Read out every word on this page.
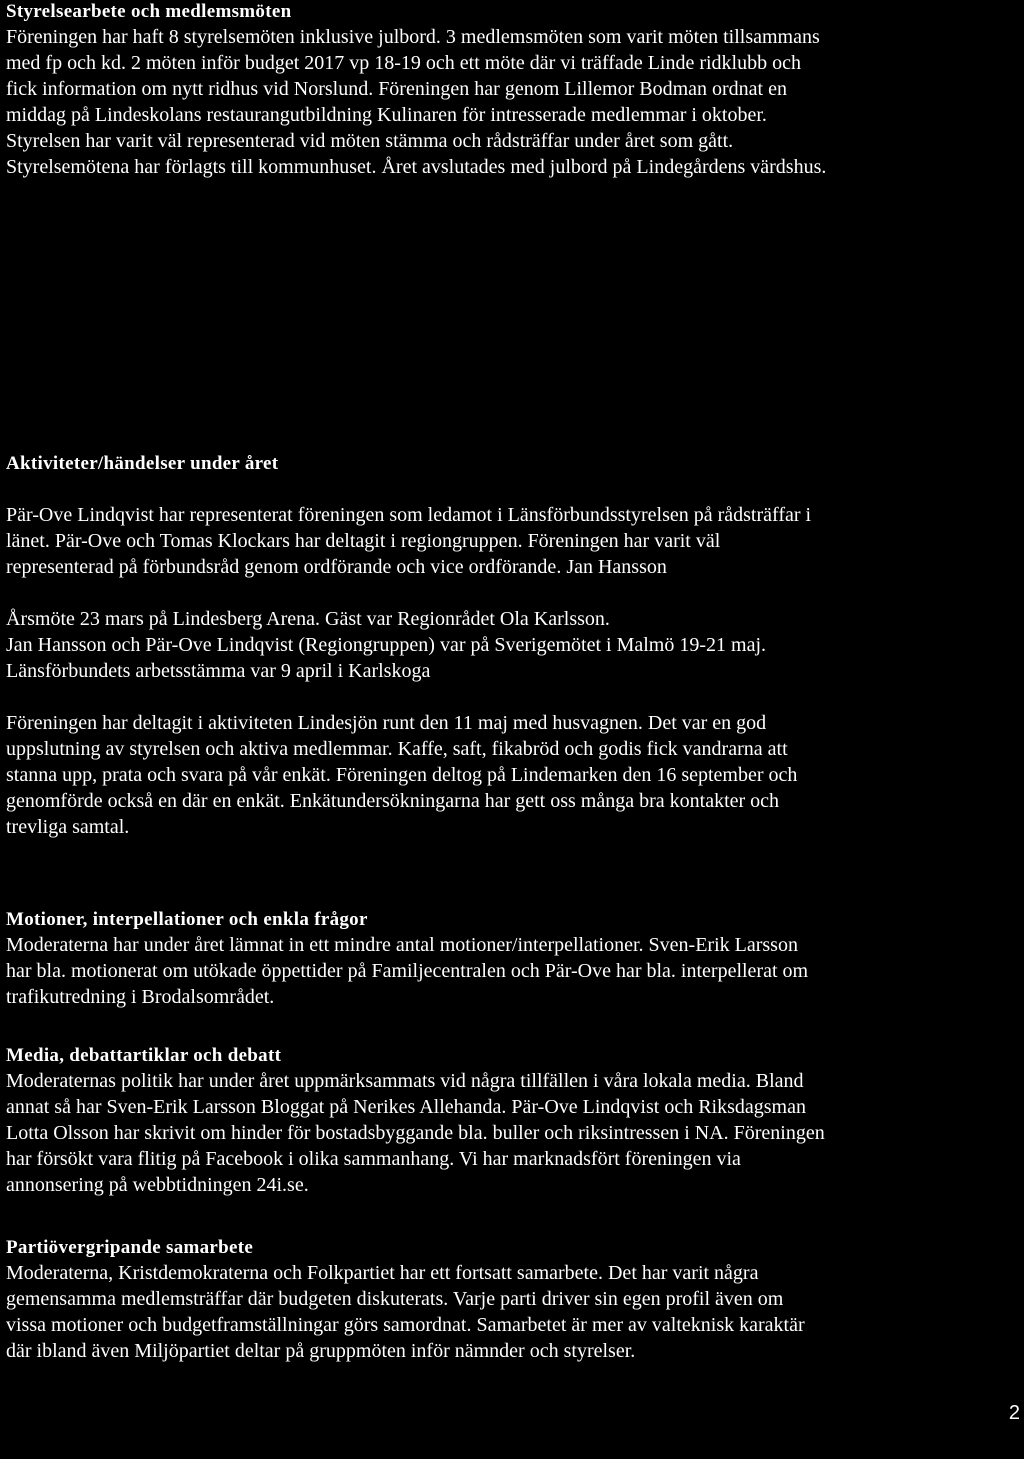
Styrelsearbete och medlemsmöten
Föreningen har haft 8 styrelsemöten inklusive julbord. 3 medlemsmöten som varit möten tillsammans
med fp och kd. 2 möten inför budget 2017 vp 18-19 och ett möte där vi träffade Linde ridklubb och
fick information om nytt ridhus vid Norslund. Föreningen har genom Lillemor Bodman ordnat en
middag på Lindeskolans restaurangutbildning Kulinaren för intresserade medlemmar i oktober.
Styrelsen har varit väl representerad vid möten stämma och rådsträffar under året som gått.
Styrelsemötena har förlagts till kommunhuset. Året avslutades med julbord på Lindegårdens värdshus.
Aktiviteter/händelser under året
Pär-Ove Lindqvist har representerat föreningen som ledamot i Länsförbundsstyrelsen på rådsträffar i
länet. Pär-Ove och Tomas Klockars har deltagit i regiongruppen. Föreningen har varit väl
representerad på förbundsråd genom ordförande och vice ordförande. Jan Hansson
Årsmöte 23 mars på Lindesberg Arena. Gäst var Regionrådet Ola Karlsson.
Jan Hansson och Pär-Ove Lindqvist (Regiongruppen) var på Sverigemötet i Malmö 19-21 maj.
Länsförbundets arbetsstämma var 9 april i Karlskoga
Föreningen har deltagit i aktiviteten Lindesjön runt den 11 maj med husvagnen. Det var en god
uppslutning av styrelsen och aktiva medlemmar. Kaffe, saft, fikabröd och godis fick vandrarna att
stanna upp, prata och svara på vår enkät. Föreningen deltog på Lindemarken den 16 september och
genomförde också en där en enkät. Enkätundersökningarna har gett oss många bra kontakter och
trevliga samtal.
Motioner, interpellationer och enkla frågor
Moderaterna har under året lämnat in ett mindre antal motioner/interpellationer. Sven-Erik Larsson
har bla. motionerat om utökade öppettider på Familjecentralen och Pär-Ove har bla. interpellerat om
trafikutredning i Brodalsområdet.
Media, debattartiklar och debatt
Moderaternas politik har under året uppmärksammats vid några tillfällen i våra lokala media. Bland
annat så har Sven-Erik Larsson Bloggat på Nerikes Allehanda. Pär-Ove Lindqvist och Riksdagsman
Lotta Olsson har skrivit om hinder för bostadsbyggande bla. buller och riksintressen i NA. Föreningen
har försökt vara flitig på Facebook i olika sammanhang. Vi har marknadsfört föreningen via
annonsering på webbtidningen 24i.se.
Partiövergripande samarbete
Moderaterna, Kristdemokraterna och Folkpartiet har ett fortsatt samarbete. Det har varit några
gemensamma medlemsträffar där budgeten diskuterats. Varje parti driver sin egen profil även om
vissa motioner och budgetframställningar görs samordnat. Samarbetet är mer av valteknisk karaktär
där ibland även Miljöpartiet deltar på gruppmöten inför nämnder och styrelser.
2
